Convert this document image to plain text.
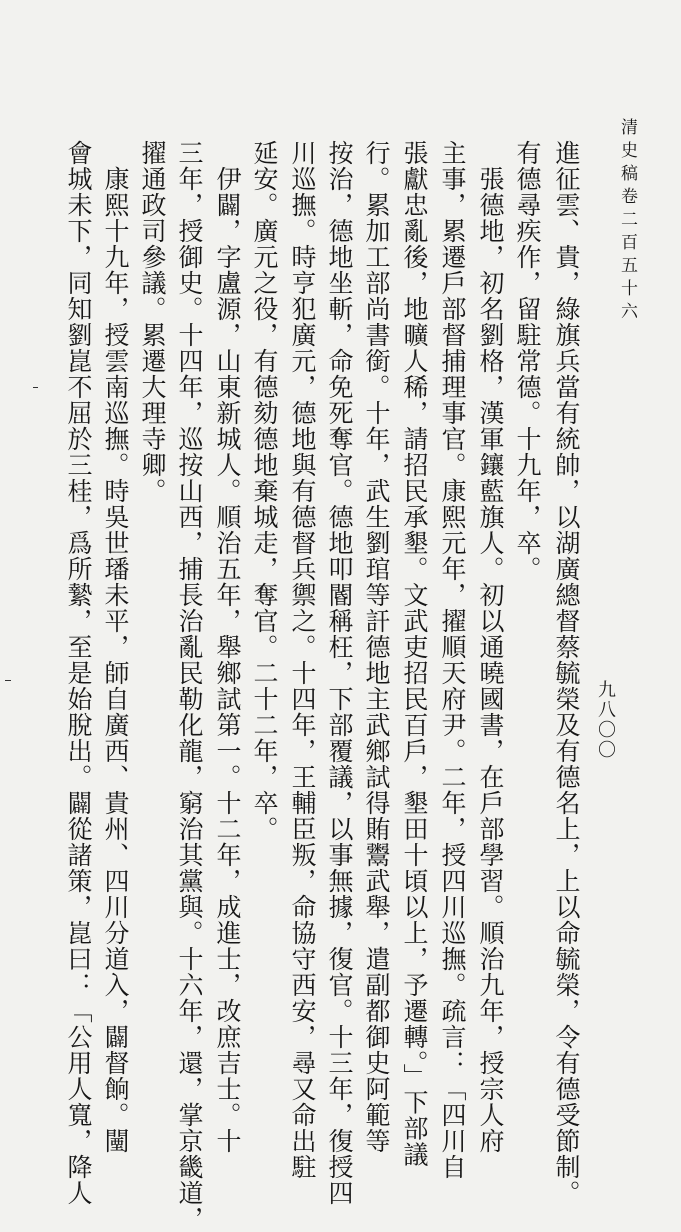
清史稿卷二百五十六
九八〇〇
進征雲、貴，綠旗兵當有統帥，以湖廣總督蔡毓榮及有德名上，上以命毓榮，令有德受節制。
有德尋疾作，留駐常德。十九年，卒。
　張德地，初名劉格，漢軍鑲藍旗人。初以通曉國書，在戶部學習。順治九年，授宗人府
主事，累遷戶部督捕理事官。康熙元年，擢順天府尹。二年，授四川巡撫。疏言：「四川自
張獻忠亂後，地曠人稀，請招民承墾。文武吏招民百戶，墾田十頃以上，予遷轉。」下部議
行。累加工部尚書銜。十年，武生劉琯等訐德地主武鄉試得賄鬻武舉，遣副都御史阿範等
按治，德地坐斬，命免死奪官。德地叩閽稱枉，下部覆議，以事無據，復官。十三年，復授四
川巡撫。時亨犯廣元，德地與有德督兵禦之。十四年，王輔臣叛，命協守西安，尋又命出駐
延安。廣元之役，有德劾德地棄城走，奪官。二十二年，卒。
　伊闢，字盧源，山東新城人。順治五年，舉鄉試第一。十二年，成進士，改庶吉士。十
三年，授御史。十四年，巡按山西，捕長治亂民勒化龍，窮治其黨與。十六年，還，掌京畿道，
擢通政司參議。累遷大理寺卿。
　康熙十九年，授雲南巡撫。時吳世璠未平，師自廣西、貴州、四川分道入，闢督餉。闉
會城未下，同知劉崑不屈於三桂，爲所縶，至是始脫出。闢從諸策，崑曰：「公用人寬，降人
